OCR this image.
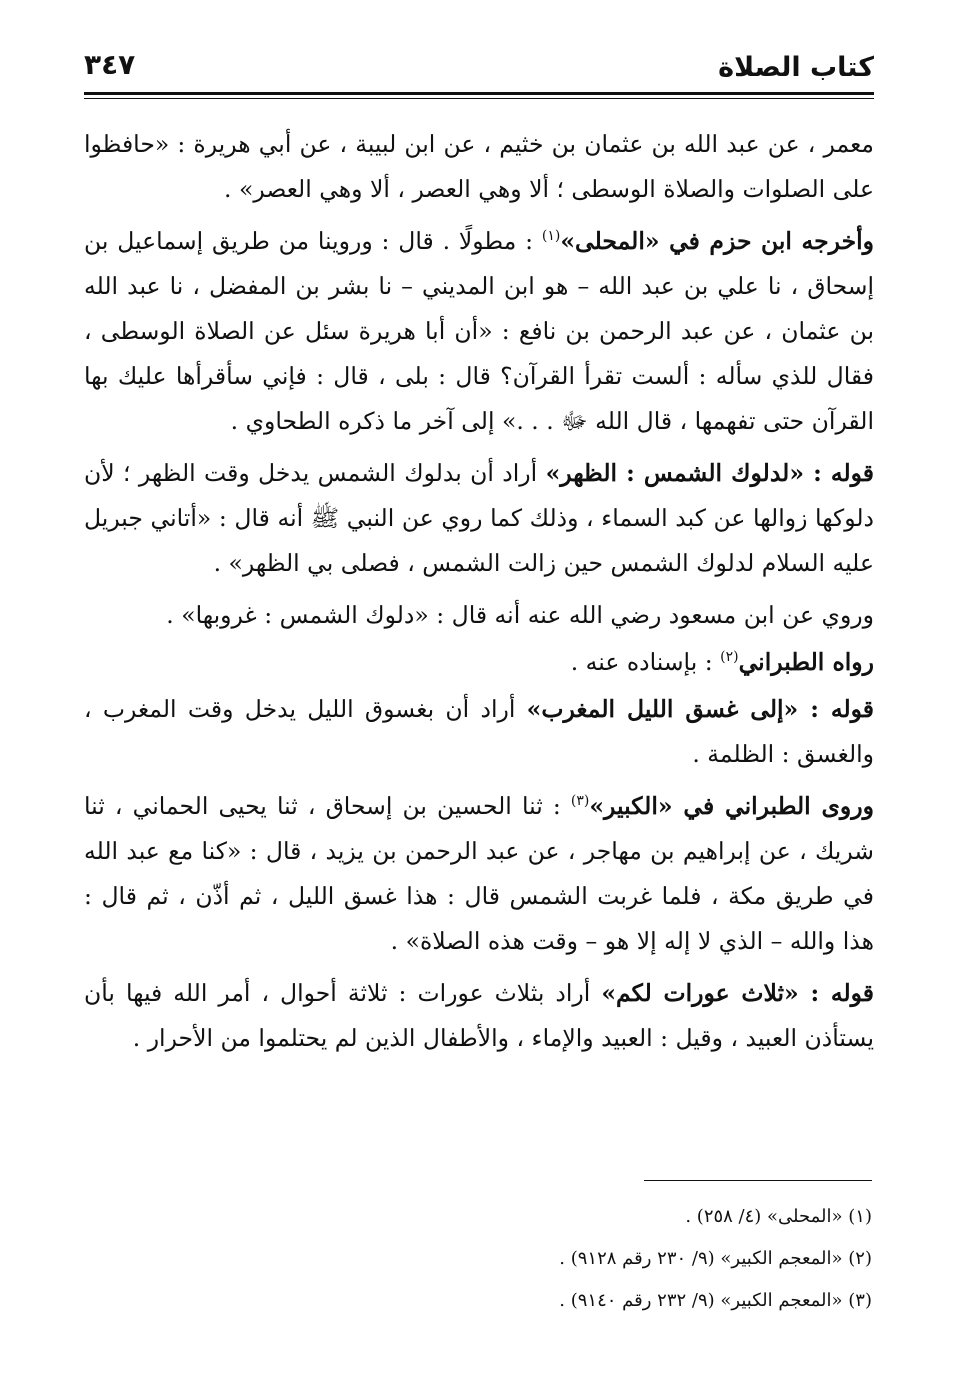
كتاب الصلاة
٣٤٧

معمر ، عن عبد الله بن عثمان بن خثيم ، عن ابن لبيبة ، عن أبي هريرة : «حافظوا على الصلوات والصلاة الوسطى ؛ ألا وهي العصر ، ألا وهي العصر» .

وأخرجه ابن حزم في «المحلى»$^{(١)}$ : مطولًا . قال : وروينا من طريق إسماعيل بن إسحاق ، نا علي بن عبد الله – هو ابن المديني – نا بشر بن المفضل ، نا عبد الله بن عثمان ، عن عبد الرحمن بن نافع : «أن أبا هريرة سئل عن الصلاة الوسطى ، فقال للذي سأله : ألست تقرأ القرآن؟ قال : بلى ، قال : فإني سأقرأها عليك بها القرآن حتى تفهمها ، قال الله ﷻ . . .» إلى آخر ما ذكره الطحاوي .

قوله : «لدلوك الشمس : الظهر» أراد أن بدلوك الشمس يدخل وقت الظهر ؛ لأن دلوكها زوالها عن كبد السماء ، وذلك كما روي عن النبي ﷺ أنه قال : «أتاني جبريل عليه السلام لدلوك الشمس حين زالت الشمس ، فصلى بي الظهر» .

وروي عن ابن مسعود رضي الله عنه أنه قال : «دلوك الشمس : غروبها» .

رواه الطبراني$^{(٢)}$ : بإسناده عنه .

قوله : «إلى غسق الليل المغرب» أراد أن بغسوق الليل يدخل وقت المغرب ، والغسق : الظلمة .

وروى الطبراني في «الكبير»$^{(٣)}$ : ثنا الحسين بن إسحاق ، ثنا يحيى الحماني ، ثنا شريك ، عن إبراهيم بن مهاجر ، عن عبد الرحمن بن يزيد ، قال : «كنا مع عبد الله في طريق مكة ، فلما غربت الشمس قال : هذا غسق الليل ، ثم أذّن ، ثم قال : هذا والله – الذي لا إله إلا هو – وقت هذه الصلاة» .

قوله : «ثلاث عورات لكم» أراد بثلاث عورات : ثلاثة أحوال ، أمر الله فيها بأن يستأذن العبيد ، وقيل : العبيد والإماء ، والأطفال الذين لم يحتلموا من الأحرار .

(١) «المحلى» (٤/ ٢٥٨) .
(٢) «المعجم الكبير» (٩/ ٢٣٠ رقم ٩١٢٨) .
(٣) «المعجم الكبير» (٩/ ٢٣٢ رقم ٩١٤٠) .
